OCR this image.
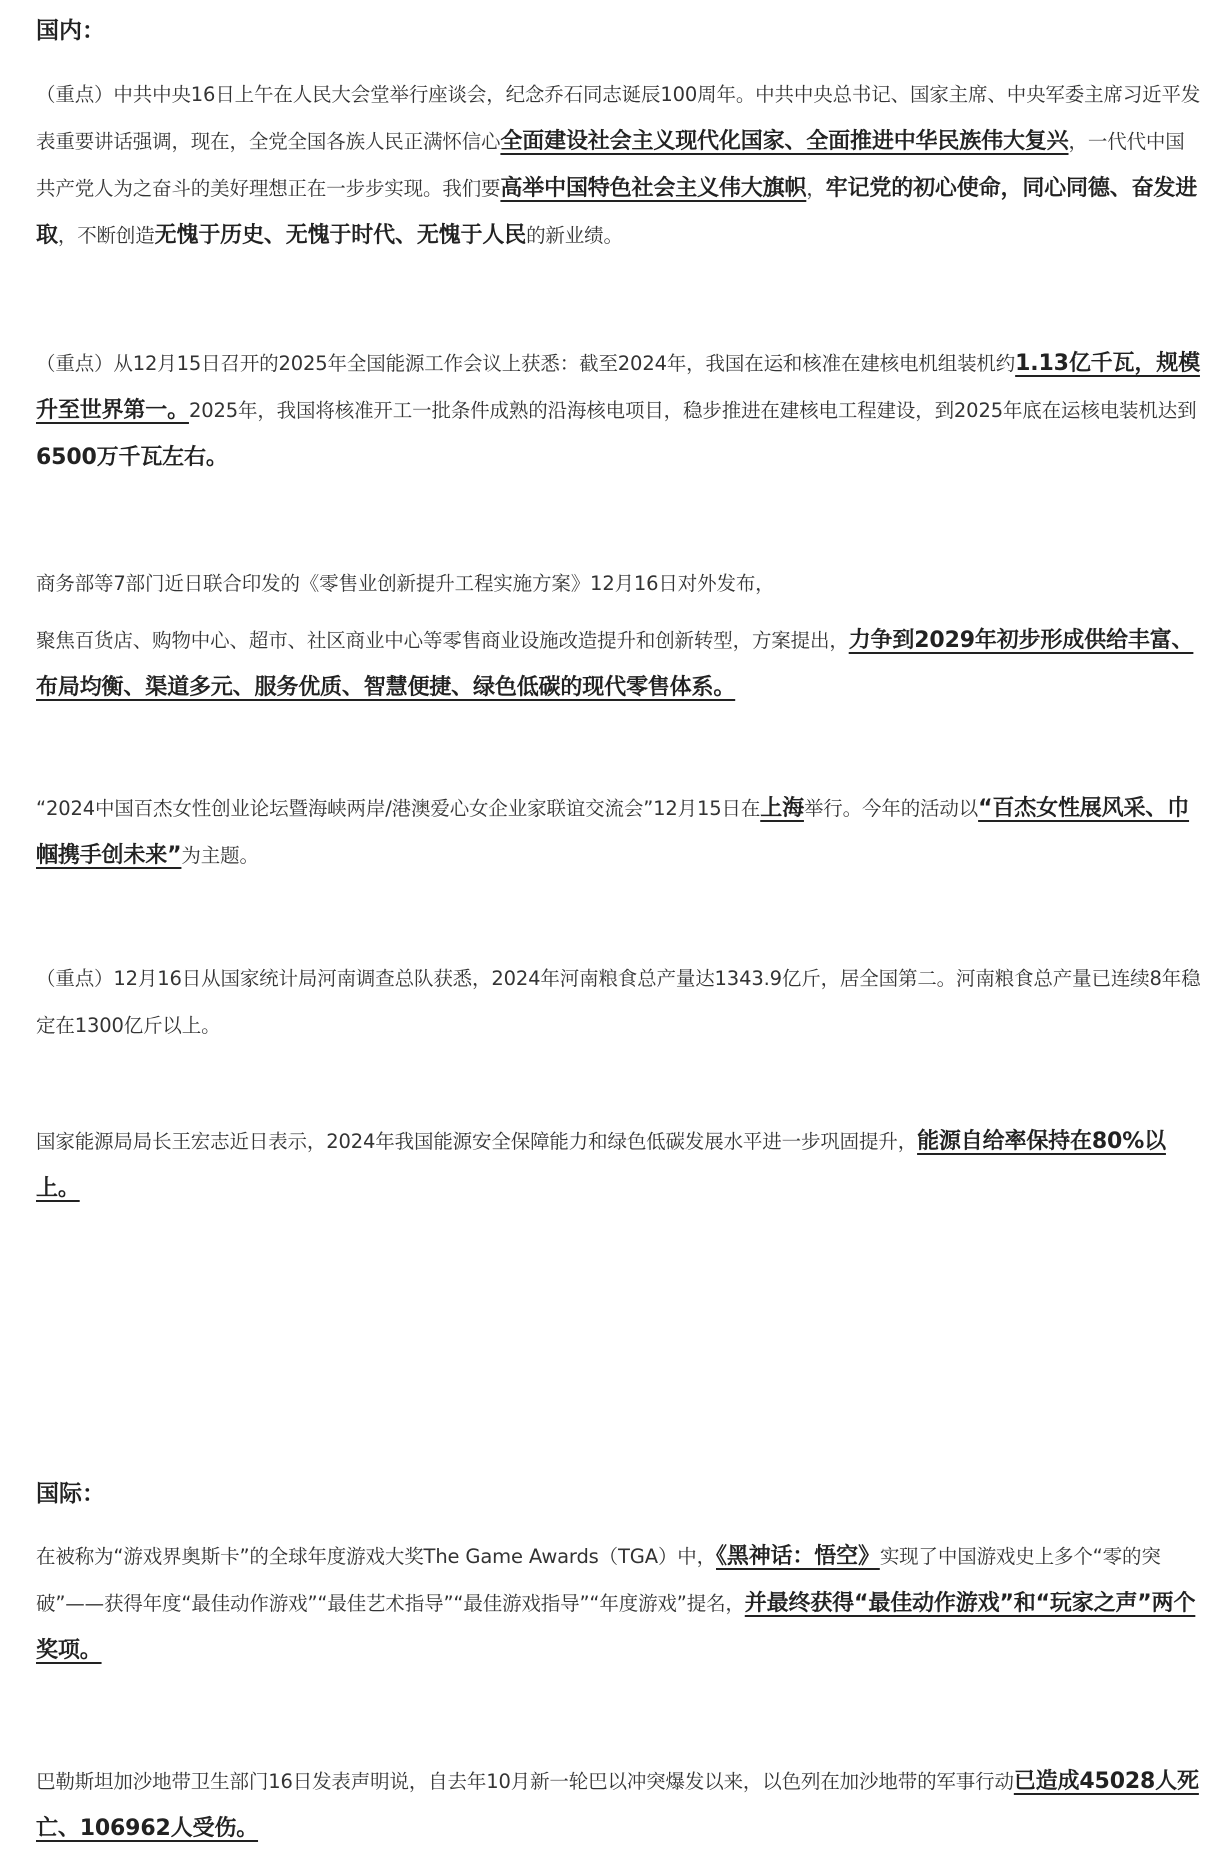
国内：

（重点）中共中央16日上午在人民大会堂举行座谈会，纪念乔石同志诞辰100周年。中共中央总书记、国家主席、中央军委主席习近平发表重要讲话强调，现在，全党全国各族人民正满怀信心全面建设社会主义现代化国家、全面推进中华民族伟大复兴，一代代中国共产党人为之奋斗的美好理想正在一步步实现。我们要高举中国特色社会主义伟大旗帜，牢记党的初心使命，同心同德、奋发进取，不断创造无愧于历史、无愧于时代、无愧于人民的新业绩。

（重点）从12月15日召开的2025年全国能源工作会议上获悉：截至2024年，我国在运和核准在建核电机组装机约1.13亿千瓦，规模升至世界第一。2025年，我国将核准开工一批条件成熟的沿海核电项目，稳步推进在建核电工程建设，到2025年底在运核电装机达到6500万千瓦左右。

商务部等7部门近日联合印发的《零售业创新提升工程实施方案》12月16日对外发布，

聚焦百货店、购物中心、超市、社区商业中心等零售商业设施改造提升和创新转型，方案提出，力争到2029年初步形成供给丰富、布局均衡、渠道多元、服务优质、智慧便捷、绿色低碳的现代零售体系。

“2024中国百杰女性创业论坛暨海峡两岸/港澳爱心女企业家联谊交流会”12月15日在上海举行。今年的活动以“百杰女性展风采、巾帼携手创未来”为主题。

（重点）12月16日从国家统计局河南调查总队获悉，2024年河南粮食总产量达1343.9亿斤，居全国第二。河南粮食总产量已连续8年稳定在1300亿斤以上。

国家能源局局长王宏志近日表示，2024年我国能源安全保障能力和绿色低碳发展水平进一步巩固提升，能源自给率保持在80%以上。

国际：

在被称为“游戏界奥斯卡”的全球年度游戏大奖The Game Awards（TGA）中，《黑神话：悟空》实现了中国游戏史上多个“零的突破”——获得年度“最佳动作游戏”“最佳艺术指导”“最佳游戏指导”“年度游戏”提名，并最终获得“最佳动作游戏”和“玩家之声”两个奖项。

巴勒斯坦加沙地带卫生部门16日发表声明说，自去年10月新一轮巴以冲突爆发以来，以色列在加沙地带的军事行动已造成45028人死亡、106962人受伤。
